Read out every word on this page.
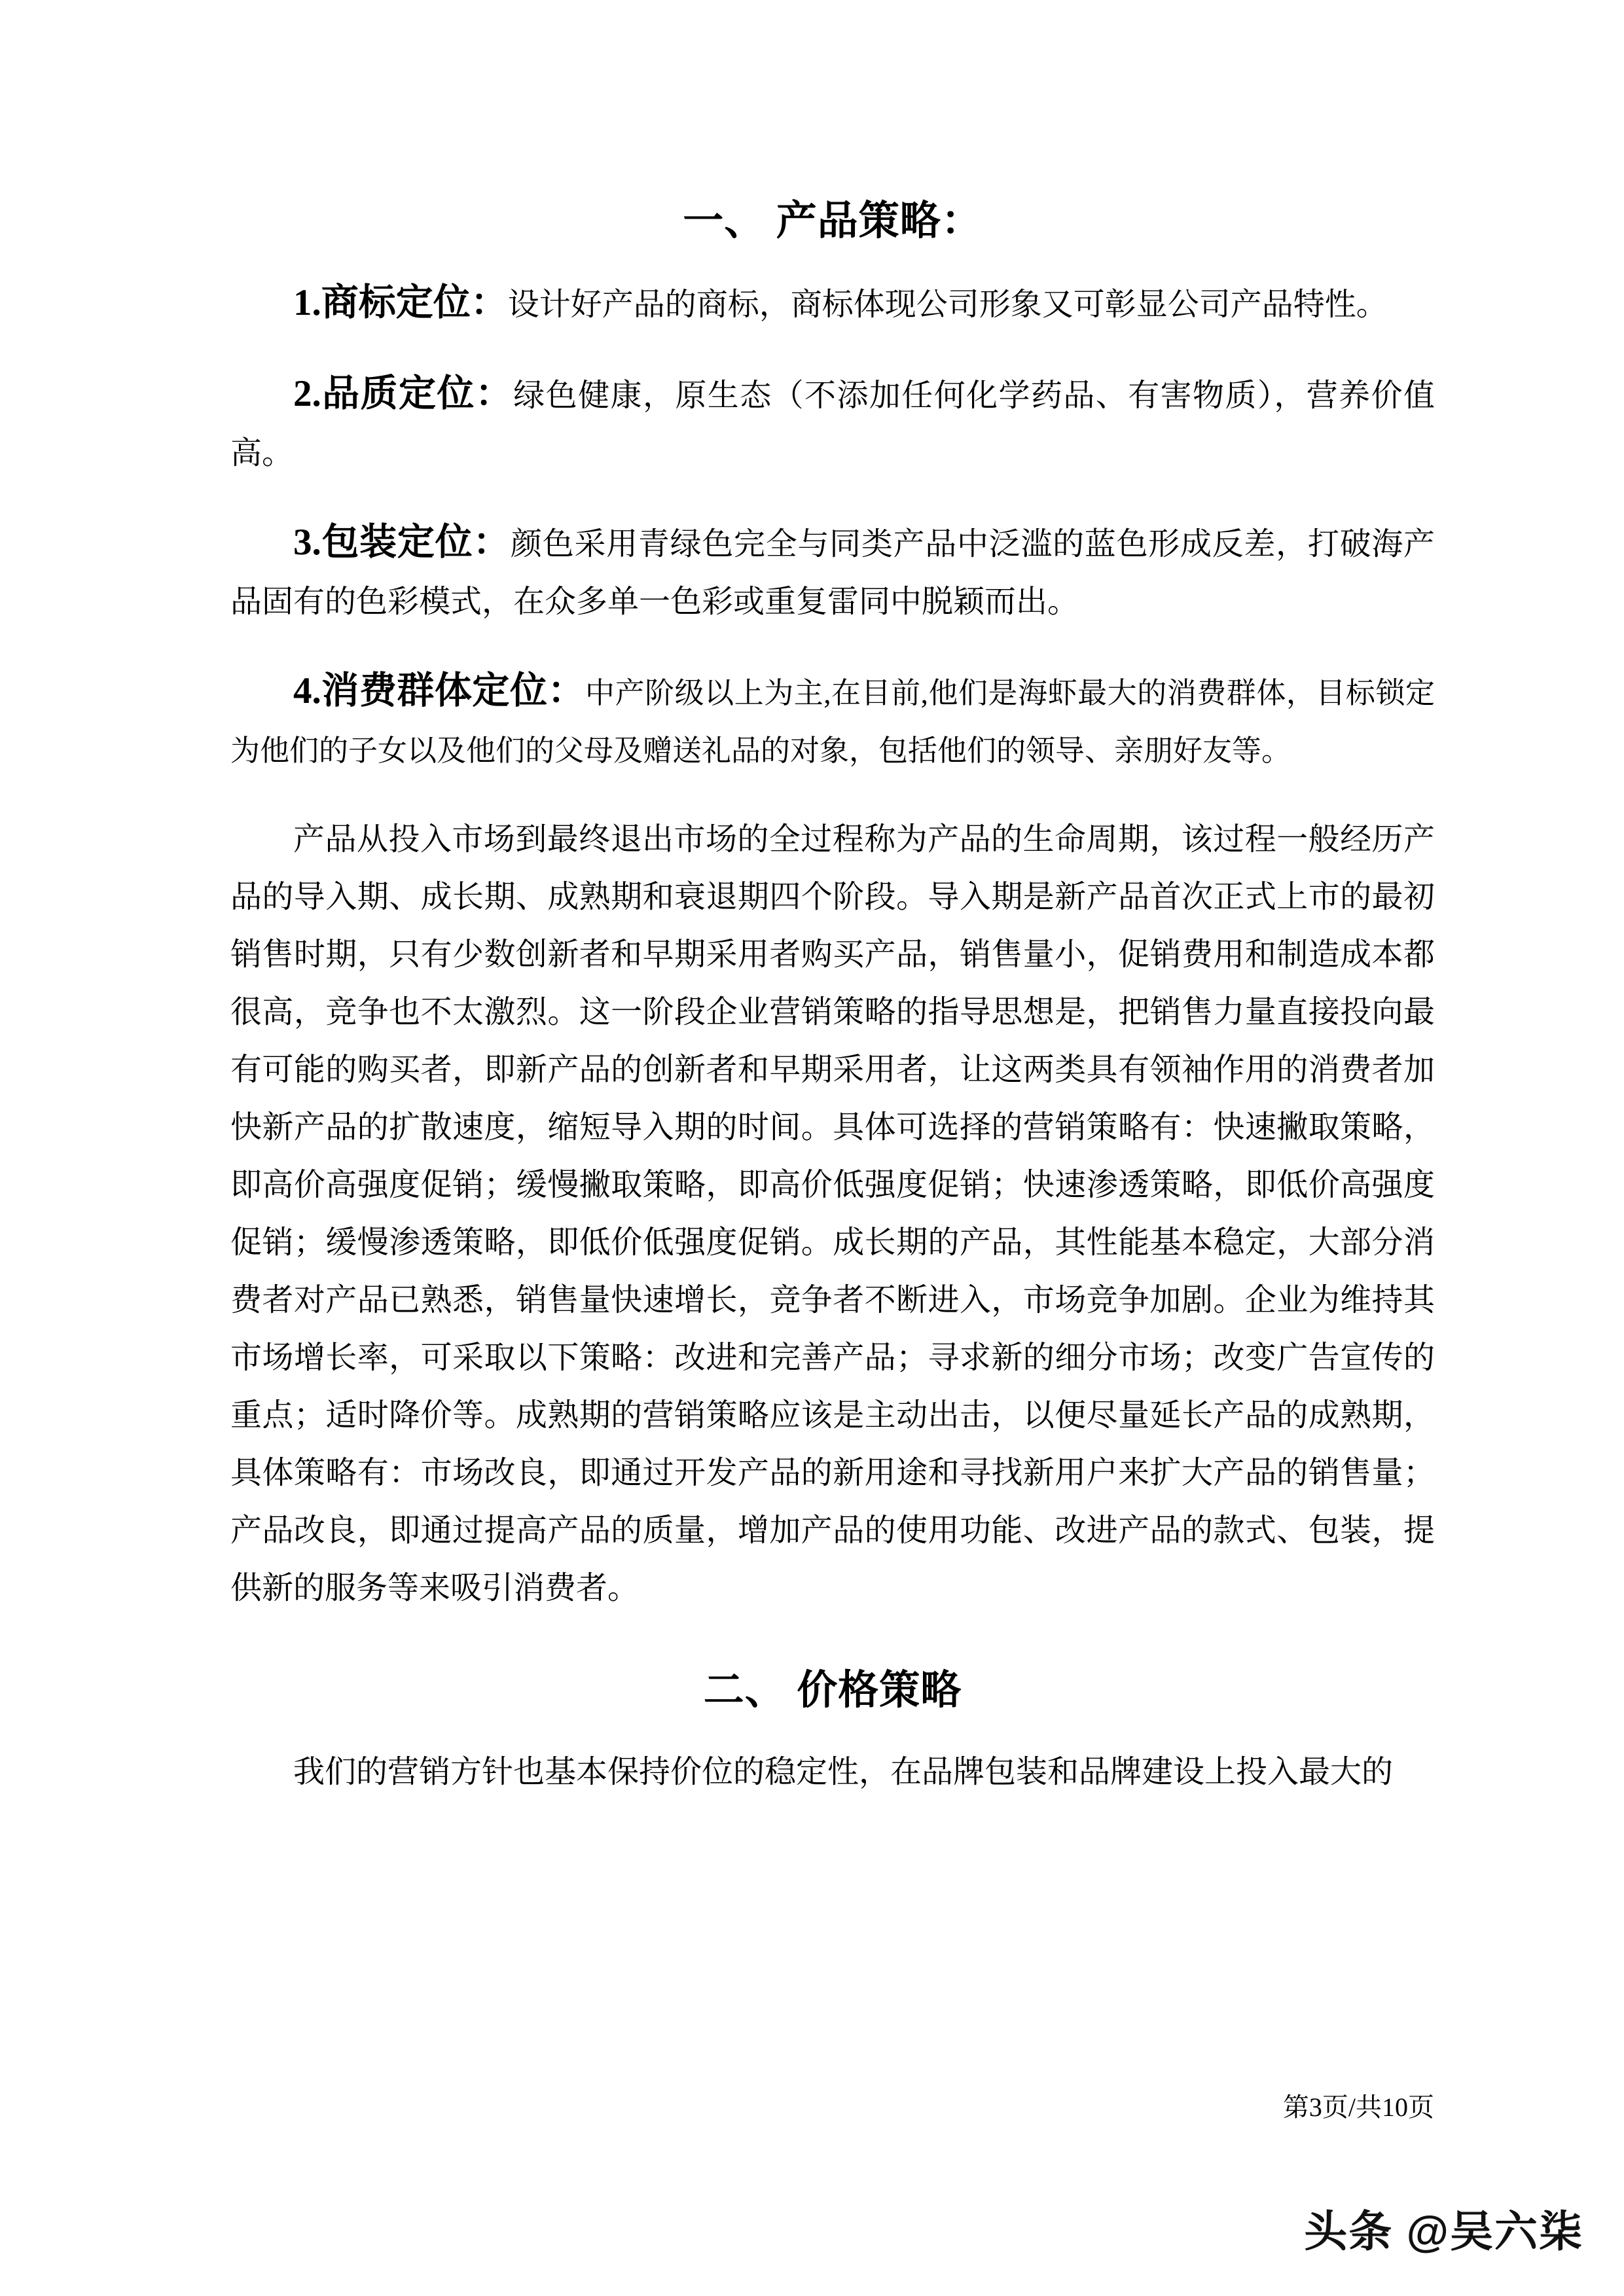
一、 产品策略：

1.商标定位：设计好产品的商标，商标体现公司形象又可彰显公司产品特性。

2.品质定位：绿色健康，原生态（不添加任何化学药品、有害物质），营养价值高。

3.包装定位：颜色采用青绿色完全与同类产品中泛滥的蓝色形成反差，打破海产品固有的色彩模式，在众多单一色彩或重复雷同中脱颖而出。

4.消费群体定位：中产阶级以上为主,在目前,他们是海虾最大的消费群体，目标锁定为他们的子女以及他们的父母及赠送礼品的对象，包括他们的领导、亲朋好友等。

产品从投入市场到最终退出市场的全过程称为产品的生命周期，该过程一般经历产品的导入期、成长期、成熟期和衰退期四个阶段。导入期是新产品首次正式上市的最初销售时期，只有少数创新者和早期采用者购买产品，销售量小，促销费用和制造成本都很高，竞争也不太激烈。这一阶段企业营销策略的指导思想是，把销售力量直接投向最有可能的购买者，即新产品的创新者和早期采用者，让这两类具有领袖作用的消费者加快新产品的扩散速度，缩短导入期的时间。具体可选择的营销策略有：快速撇取策略，即高价高强度促销；缓慢撇取策略，即高价低强度促销；快速渗透策略，即低价高强度促销；缓慢渗透策略，即低价低强度促销。成长期的产品，其性能基本稳定，大部分消费者对产品已熟悉，销售量快速增长，竞争者不断进入，市场竞争加剧。企业为维持其市场增长率，可采取以下策略：改进和完善产品；寻求新的细分市场；改变广告宣传的重点；适时降价等。成熟期的营销策略应该是主动出击，以便尽量延长产品的成熟期，具体策略有：市场改良，即通过开发产品的新用途和寻找新用户来扩大产品的销售量；产品改良，即通过提高产品的质量，增加产品的使用功能、改进产品的款式、包装，提供新的服务等来吸引消费者。

二、 价格策略

我们的营销方针也基本保持价位的稳定性，在品牌包装和品牌建设上投入最大的

第3页/共10页
头条 @吴六柒
